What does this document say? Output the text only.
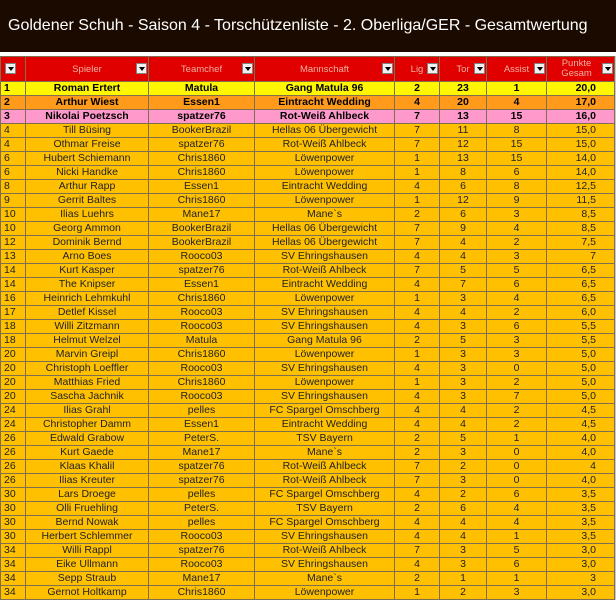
Goldener Schuh - Saison 4 - Torschützenliste - 2. Oberliga/GER - Gesamtwertung

	Spieler	Teamchef	Mannschaft	Lig	Tor	Assist	Punkte Gesam

1	Roman Ertert	Matula	Gang Matula 96	2	23	1	20,0
2	Arthur Wiest	Essen1	Eintracht Wedding	4	20	4	17,0
3	Nikolai Poetzsch	spatzer76	Rot-Weiß Ahlbeck	7	13	15	16,0
4	Till Büsing	BookerBrazil	Hellas 06 Übergewicht	7	11	8	15,0
4	Othmar Freise	spatzer76	Rot-Weiß Ahlbeck	7	12	15	15,0
6	Hubert Schiemann	Chris1860	Löwenpower	1	13	15	14,0
6	Nicki Handke	Chris1860	Löwenpower	1	8	6	14,0
8	Arthur Rapp	Essen1	Eintracht Wedding	4	6	8	12,5
9	Gerrit Baltes	Chris1860	Löwenpower	1	12	9	11,5
10	Ilias Luehrs	Mane17	Mane`s	2	6	3	8,5
10	Georg Ammon	BookerBrazil	Hellas 06 Übergewicht	7	9	4	8,5
12	Dominik Bernd	BookerBrazil	Hellas 06 Übergewicht	7	4	2	7,5
13	Arno Boes	Rooco03	SV Ehringshausen	4	4	3	7
14	Kurt Kasper	spatzer76	Rot-Weiß Ahlbeck	7	5	5	6,5
14	The Knipser	Essen1	Eintracht Wedding	4	7	6	6,5
16	Heinrich Lehmkuhl	Chris1860	Löwenpower	1	3	4	6,5
17	Detlef Kissel	Rooco03	SV Ehringshausen	4	4	2	6,0
18	Willi Zitzmann	Rooco03	SV Ehringshausen	4	3	6	5,5
18	Helmut Welzel	Matula	Gang Matula 96	2	5	3	5,5
20	Marvin Greipl	Chris1860	Löwenpower	1	3	3	5,0
20	Christoph Loeffler	Rooco03	SV Ehringshausen	4	3	0	5,0
20	Matthias Fried	Chris1860	Löwenpower	1	3	2	5,0
20	Sascha Jachnik	Rooco03	SV Ehringshausen	4	3	7	5,0
24	Ilias Grahl	pelles	FC Spargel Omschberg	4	4	2	4,5
24	Christopher Damm	Essen1	Eintracht Wedding	4	4	2	4,5
26	Edwald Grabow	PeterS.	TSV Bayern	2	5	1	4,0
26	Kurt Gaede	Mane17	Mane`s	2	3	0	4,0
26	Klaas Khalil	spatzer76	Rot-Weiß Ahlbeck	7	2	0	4
26	Ilias Kreuter	spatzer76	Rot-Weiß Ahlbeck	7	3	0	4,0
30	Lars Droege	pelles	FC Spargel Omschberg	4	2	6	3,5
30	Olli Fruehling	PeterS.	TSV Bayern	2	6	4	3,5
30	Bernd Nowak	pelles	FC Spargel Omschberg	4	4	4	3,5
30	Herbert Schlemmer	Rooco03	SV Ehringshausen	4	4	1	3,5
34	Willi Rappl	spatzer76	Rot-Weiß Ahlbeck	7	3	5	3,0
34	Eike Ullmann	Rooco03	SV Ehringshausen	4	3	6	3,0
34	Sepp Straub	Mane17	Mane`s	2	1	1	3
34	Gernot Holtkamp	Chris1860	Löwenpower	1	2	3	3,0
